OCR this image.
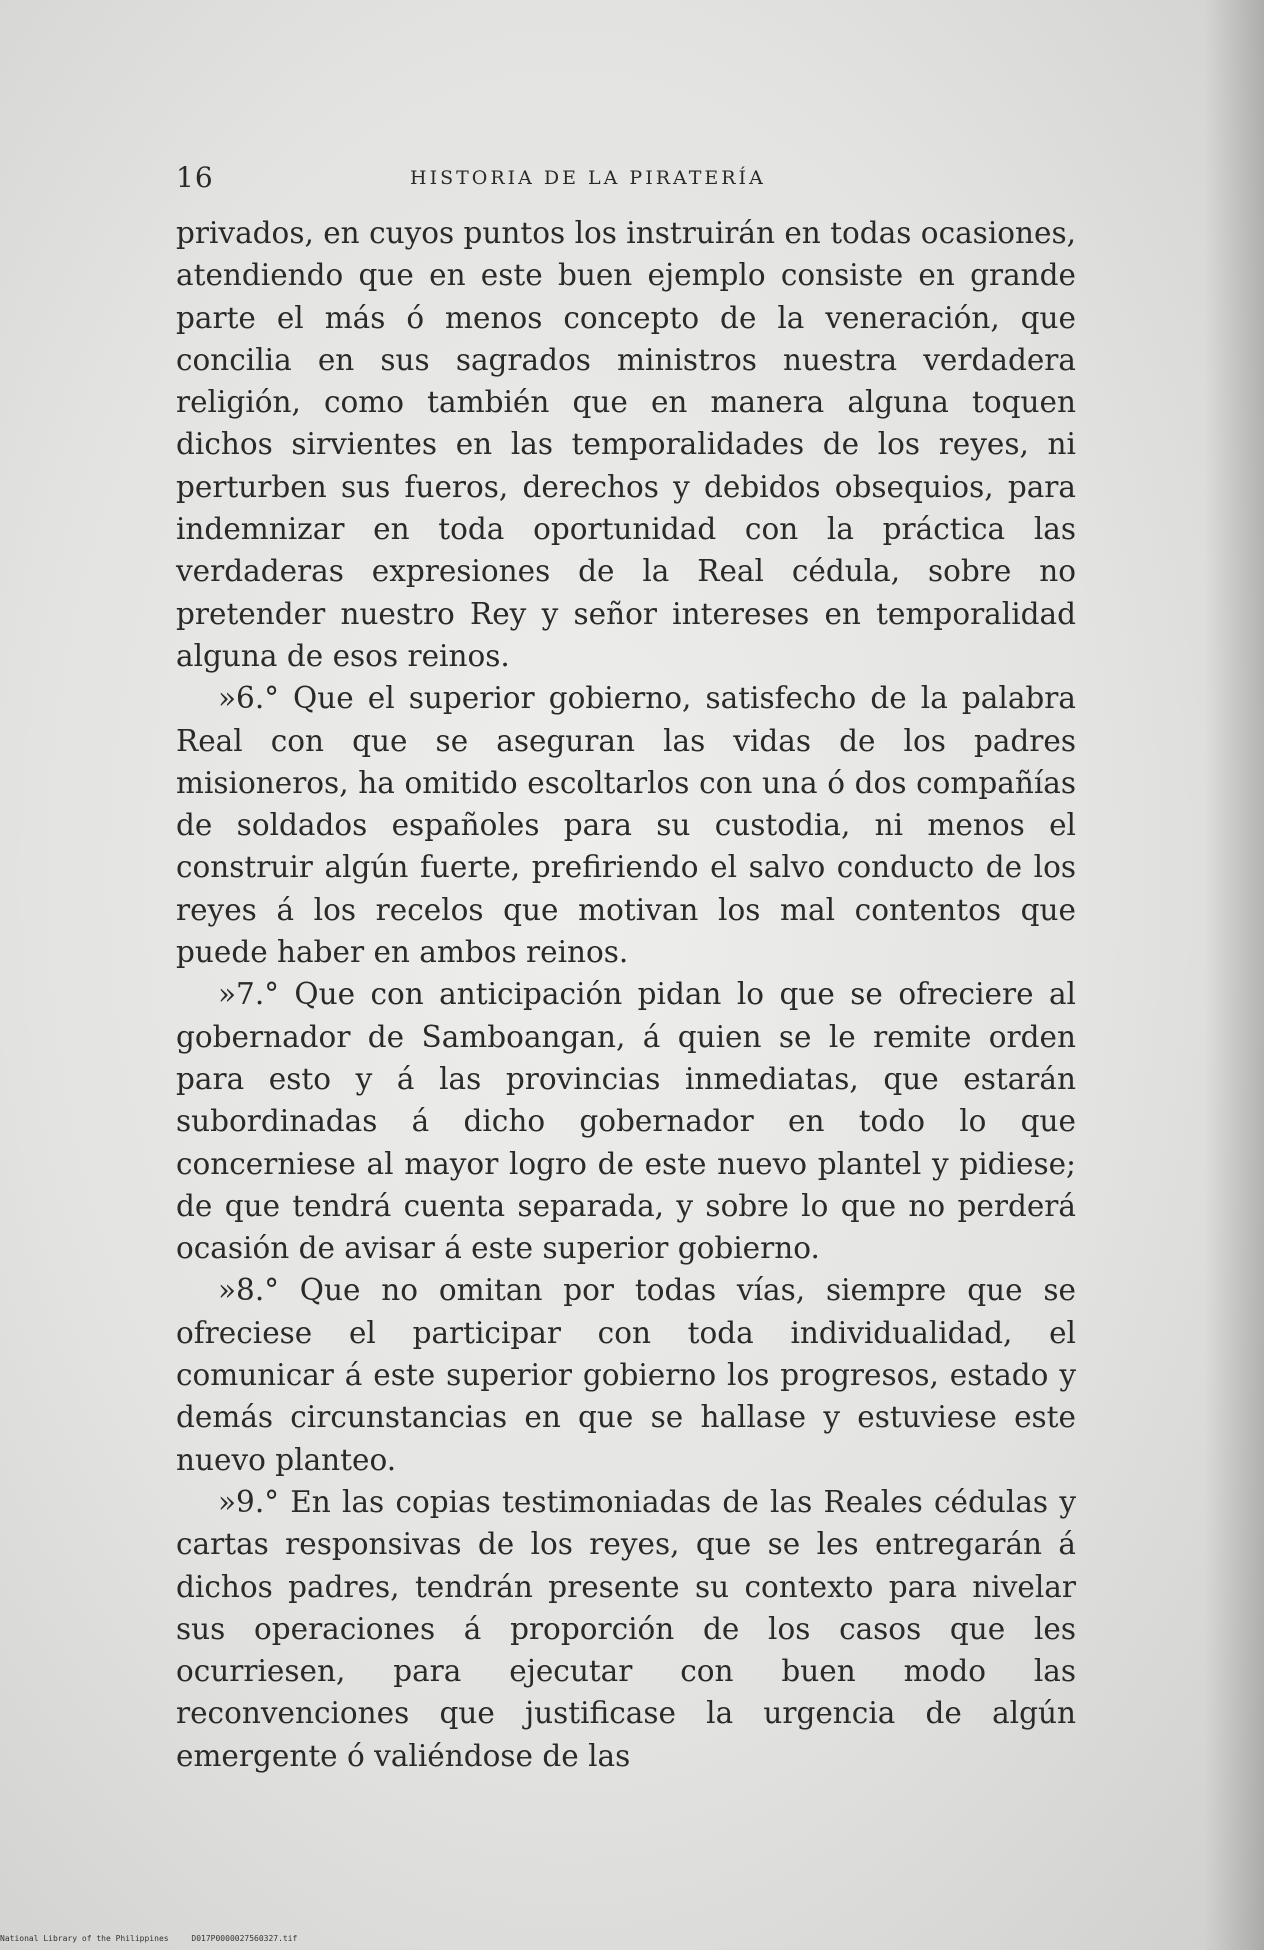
16	HISTORIA DE LA PIRATERÍA

privados, en cuyos puntos los instruirán en todas ocasiones, atendiendo que en este buen ejemplo consiste en grande parte el más ó menos concepto de la veneración, que concilia en sus sagrados ministros nuestra verdadera religión, como también que en manera alguna toquen dichos sirvientes en las temporalidades de los reyes, ni perturben sus fueros, derechos y debidos obsequios, para indemnizar en toda oportunidad con la práctica las verdaderas expresiones de la Real cédula, sobre no pretender nuestro Rey y señor intereses en temporalidad alguna de esos reinos.

»6.° Que el superior gobierno, satisfecho de la palabra Real con que se aseguran las vidas de los padres misioneros, ha omitido escoltarlos con una ó dos compañías de soldados españoles para su custodia, ni menos el construir algún fuerte, prefiriendo el salvo conducto de los reyes á los recelos que motivan los mal contentos que puede haber en ambos reinos.

»7.° Que con anticipación pidan lo que se ofreciere al gobernador de Samboangan, á quien se le remite orden para esto y á las provincias inmediatas, que estarán subordinadas á dicho gobernador en todo lo que concerniese al mayor logro de este nuevo plantel y pidiese; de que tendrá cuenta separada, y sobre lo que no perderá ocasión de avisar á este superior gobierno.

»8.° Que no omitan por todas vías, siempre que se ofreciese el participar con toda individualidad, el comunicar á este superior gobierno los progresos, estado y demás circunstancias en que se hallase y estuviese este nuevo planteo.

»9.° En las copias testimoniadas de las Reales cédulas y cartas responsivas de los reyes, que se les entregarán á dichos padres, tendrán presente su contexto para nivelar sus operaciones á proporción de los casos que les ocurriesen, para ejecutar con buen modo las reconvenciones que justificase la urgencia de algún emergente ó valiéndose de las

National Library of the Philippines	D017P0000027560327.tif
